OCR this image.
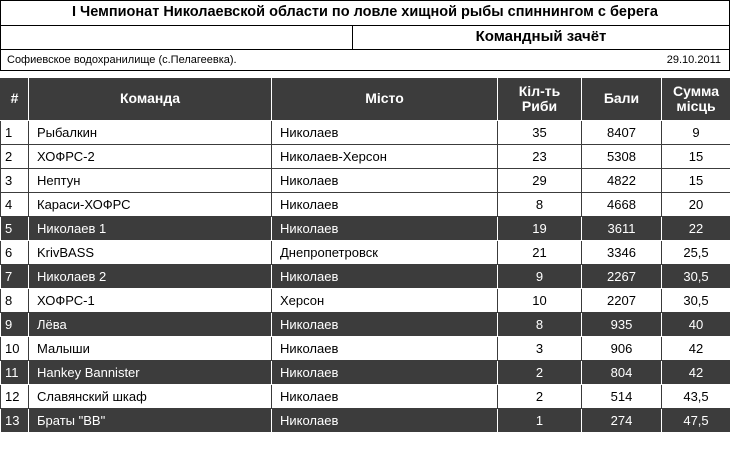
I Чемпионат Николаевской области по ловле хищной рыбы спиннингом с берега
Командный зачёт
Софиевское водохранилище (с.Пелагеевка).	29.10.2011
#	Команда	Місто	Кіл-ть Риби	Бали	Сумма місць
1	Рыбалкин	Николаев	35	8407	9
2	ХОФРС-2	Николаев-Херсон	23	5308	15
3	Нептун	Николаев	29	4822	15
4	Караси-ХОФРС	Николаев	8	4668	20
5	Николаев 1	Николаев	19	3611	22
6	KrivBASS	Днепропетровск	21	3346	25,5
7	Николаев 2	Николаев	9	2267	30,5
8	ХОФРС-1	Херсон	10	2207	30,5
9	Лёва	Николаев	8	935	40
10	Малыши	Николаев	3	906	42
11	Hankey Bannister	Николаев	2	804	42
12	Славянский шкаф	Николаев	2	514	43,5
13	Браты "ВВ"	Николаев	1	274	47,5
